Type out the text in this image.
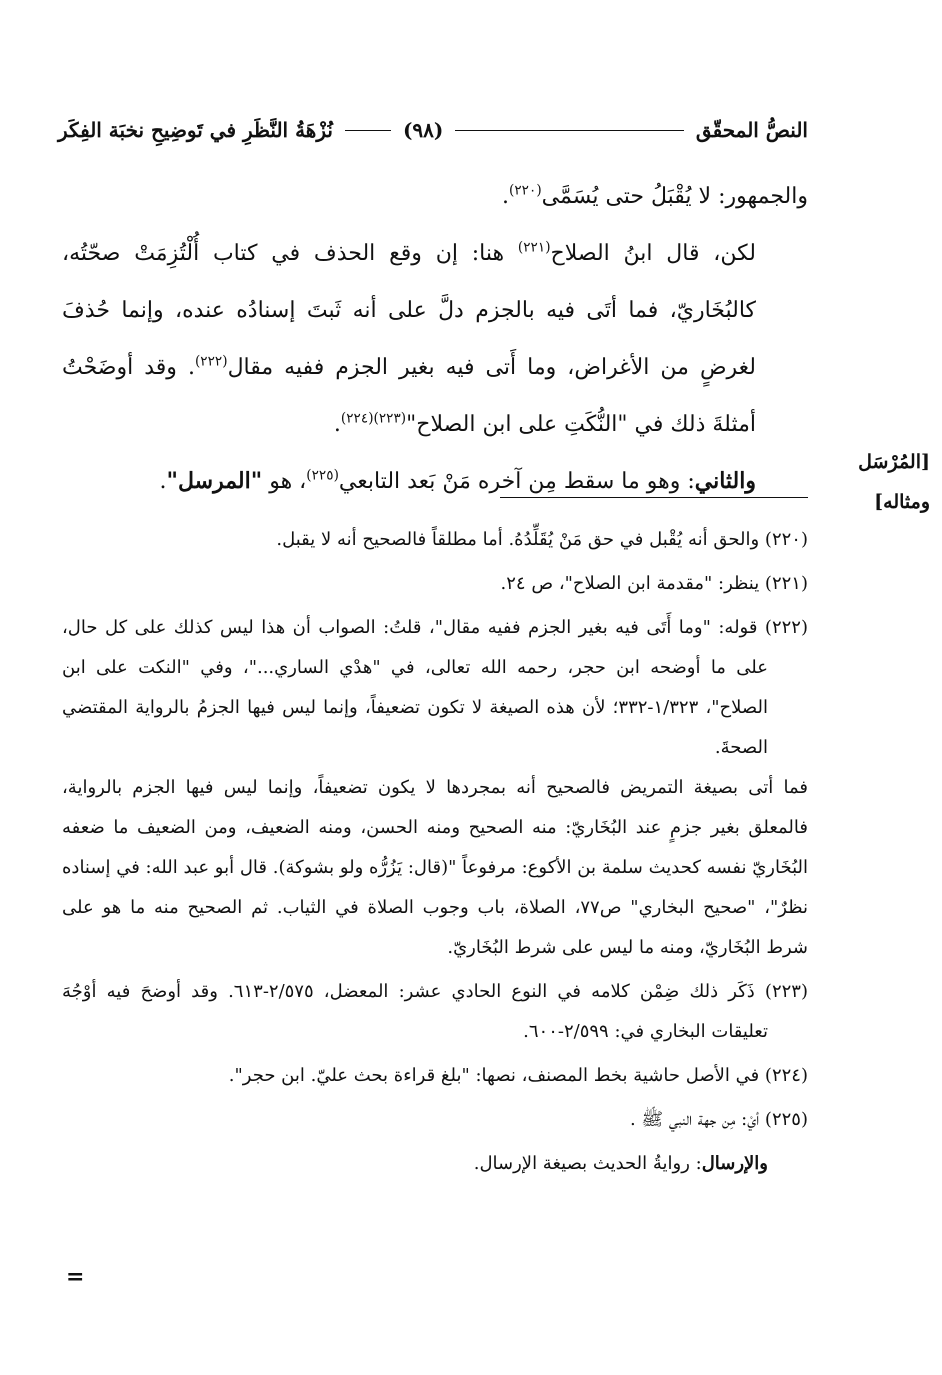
النصُّ المحقّق
(٩٨)
نُزْهَةُ النَّظَرِ في تَوضِيحِ نخبَة الفِكَر

والجمهور: لا يُقْبَلُ حتى يُسَمَّى$^{(٢٢٠)}$.

لكن، قال ابنُ الصلاح$^{(٢٢١)}$ هنا: إن وقع الحذف في كتاب أُلْتُزِمَتْ صحّتُه، كالبُخَاريّ، فما أتَى فيه بالجزم دلَّ على أنه ثَبتَ إسنادُه عنده، وإنما حُذفَ لغرضٍ من الأغراض، وما أَتى فيه بغير الجزم ففيه مقال$^{(٢٢٢)}$. وقد أوضَحْتُ أمثلةَ ذلك في "النُّكَتِ على ابن الصلاح"$^{(٢٢٣)(٢٢٤)}$.

والثاني: وهو ما سقط مِن آخره مَنْ بَعد التابعي$^{(٢٢٥)}$، هو "المرسل".

[المُرْسَل
ومثاله]

(٢٢٠) والحق أنه يُقْبل في حق مَنْ يُقَلِّدُهُ. أما مطلقاً فالصحيح أنه لا يقبل.

(٢٢١) ينظر: "مقدمة ابن الصلاح"، ص ٢٤.

(٢٢٢) قوله: "وما أَتَى فيه بغير الجزم ففيه مقال"، قلتُ: الصواب أن هذا ليس كذلك على كل حال، على ما أوضحه ابن حجر، رحمه الله تعالى، في "هدْي الساري..."، وفي "النكت على ابن الصلاح"، ١/٣٢٣-٣٣٢؛ لأن هذه الصيغة لا تكون تضعيفاً، وإنما ليس فيها الجزمُ بالرواية المقتضي الصحةَ.

فما أتى بصيغة التمريض فالصحيح أنه بمجردها لا يكون تضعيفاً، وإنما ليس فيها الجزم بالرواية، فالمعلق بغير جزمٍ عند البُخَاريّ: منه الصحيح ومنه الحسن، ومنه الضعيف، ومن الضعيف ما ضعفه البُخَاريّ نفسه كحديث سلمة بن الأكوع: مرفوعاً "(قال: يَزُرُّه ولو بشوكة). قال أبو عبد الله: في إسناده نظرٌ"، "صحيح البخاري" ص٧٧، الصلاة، باب وجوب الصلاة في الثياب. ثم الصحيح منه ما هو على شرط البُخَاريّ، ومنه ما ليس على شرط البُخَاريّ.

(٢٢٣) ذَكَر ذلك ضِمْن كلامه في النوع الحادي عشر: المعضل، ٢/٥٧٥-٦١٣. وقد أوضحَ فيه أوْجُهَ تعليقات البخاري في: ٢/٥٩٩-٦٠٠.

(٢٢٤) في الأصل حاشية بخط المصنف، نصها: "بلغ قراءة بحث عليّ. ابن حجر".

(٢٢٥) أيْ: مِن جهة النبي ﷺ .

والإرسال: روايةُ الحديث بصيغة الإرسال.

=
